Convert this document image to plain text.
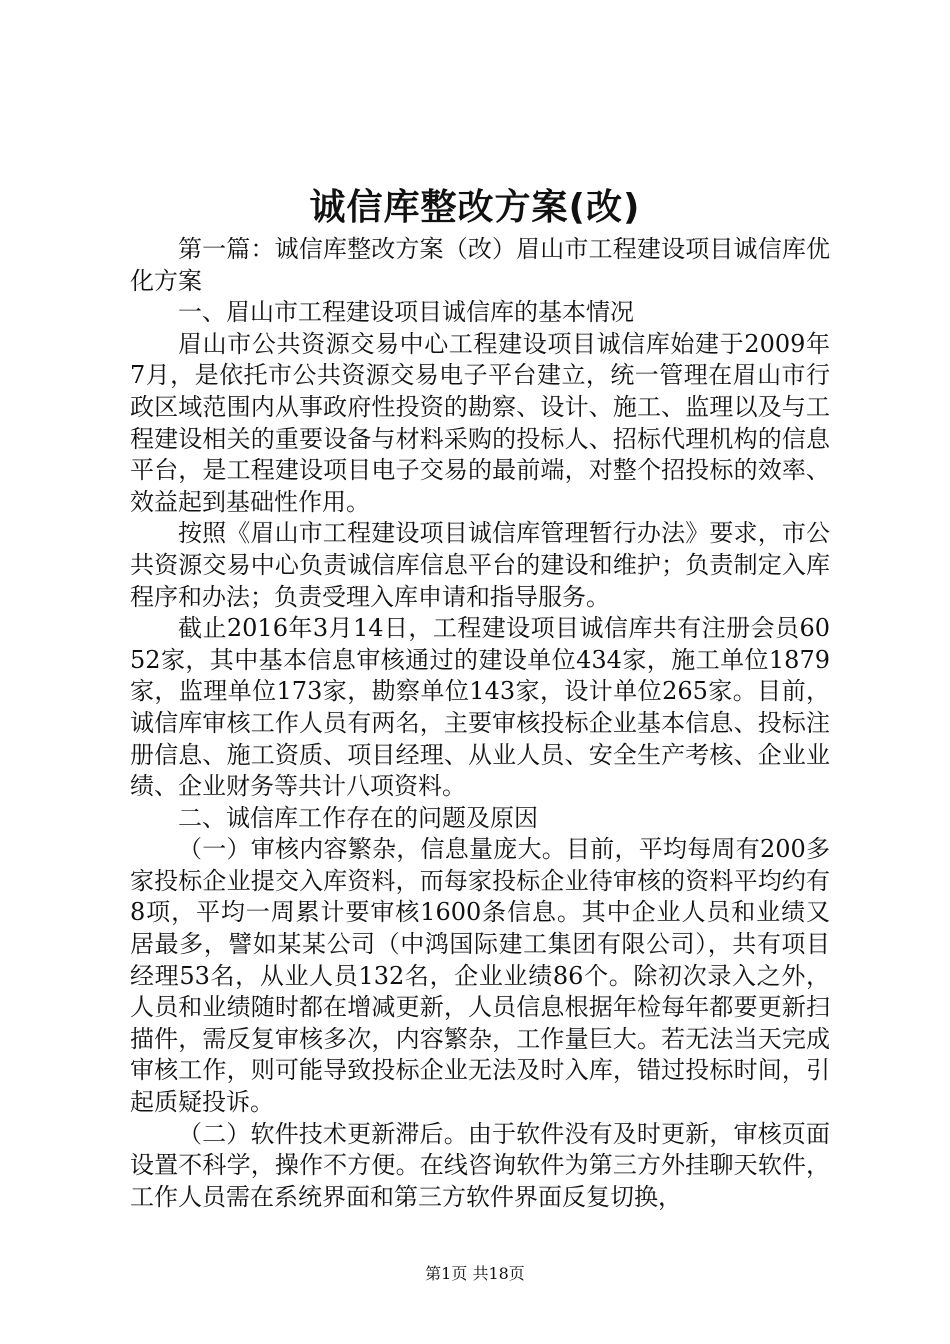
诚信库整改方案(改)

第一篇：诚信库整改方案（改）眉山市工程建设项目诚信库优化方案

一、眉山市工程建设项目诚信库的基本情况

眉山市公共资源交易中心工程建设项目诚信库始建于2009年7月，是依托市公共资源交易电子平台建立，统一管理在眉山市行政区域范围内从事政府性投资的勘察、设计、施工、监理以及与工程建设相关的重要设备与材料采购的投标人、招标代理机构的信息平台，是工程建设项目电子交易的最前端，对整个招投标的效率、效益起到基础性作用。

按照《眉山市工程建设项目诚信库管理暂行办法》要求，市公共资源交易中心负责诚信库信息平台的建设和维护；负责制定入库程序和办法；负责受理入库申请和指导服务。

截止2016年3月14日，工程建设项目诚信库共有注册会员6052家，其中基本信息审核通过的建设单位434家，施工单位1879家，监理单位173家，勘察单位143家，设计单位265家。目前，诚信库审核工作人员有两名，主要审核投标企业基本信息、投标注册信息、施工资质、项目经理、从业人员、安全生产考核、企业业绩、企业财务等共计八项资料。

二、诚信库工作存在的问题及原因

（一）审核内容繁杂，信息量庞大。目前，平均每周有200多家投标企业提交入库资料，而每家投标企业待审核的资料平均约有8项，平均一周累计要审核1600条信息。其中企业人员和业绩又居最多，譬如某某公司（中鸿国际建工集团有限公司），共有项目经理53名，从业人员132名，企业业绩86个。除初次录入之外，人员和业绩随时都在增减更新，人员信息根据年检每年都要更新扫描件，需反复审核多次，内容繁杂，工作量巨大。若无法当天完成审核工作，则可能导致投标企业无法及时入库，错过投标时间，引起质疑投诉。

（二）软件技术更新滞后。由于软件没有及时更新，审核页面设置不科学，操作不方便。在线咨询软件为第三方外挂聊天软件，工作人员需在系统界面和第三方软件界面反复切换，

第1页 共18页
